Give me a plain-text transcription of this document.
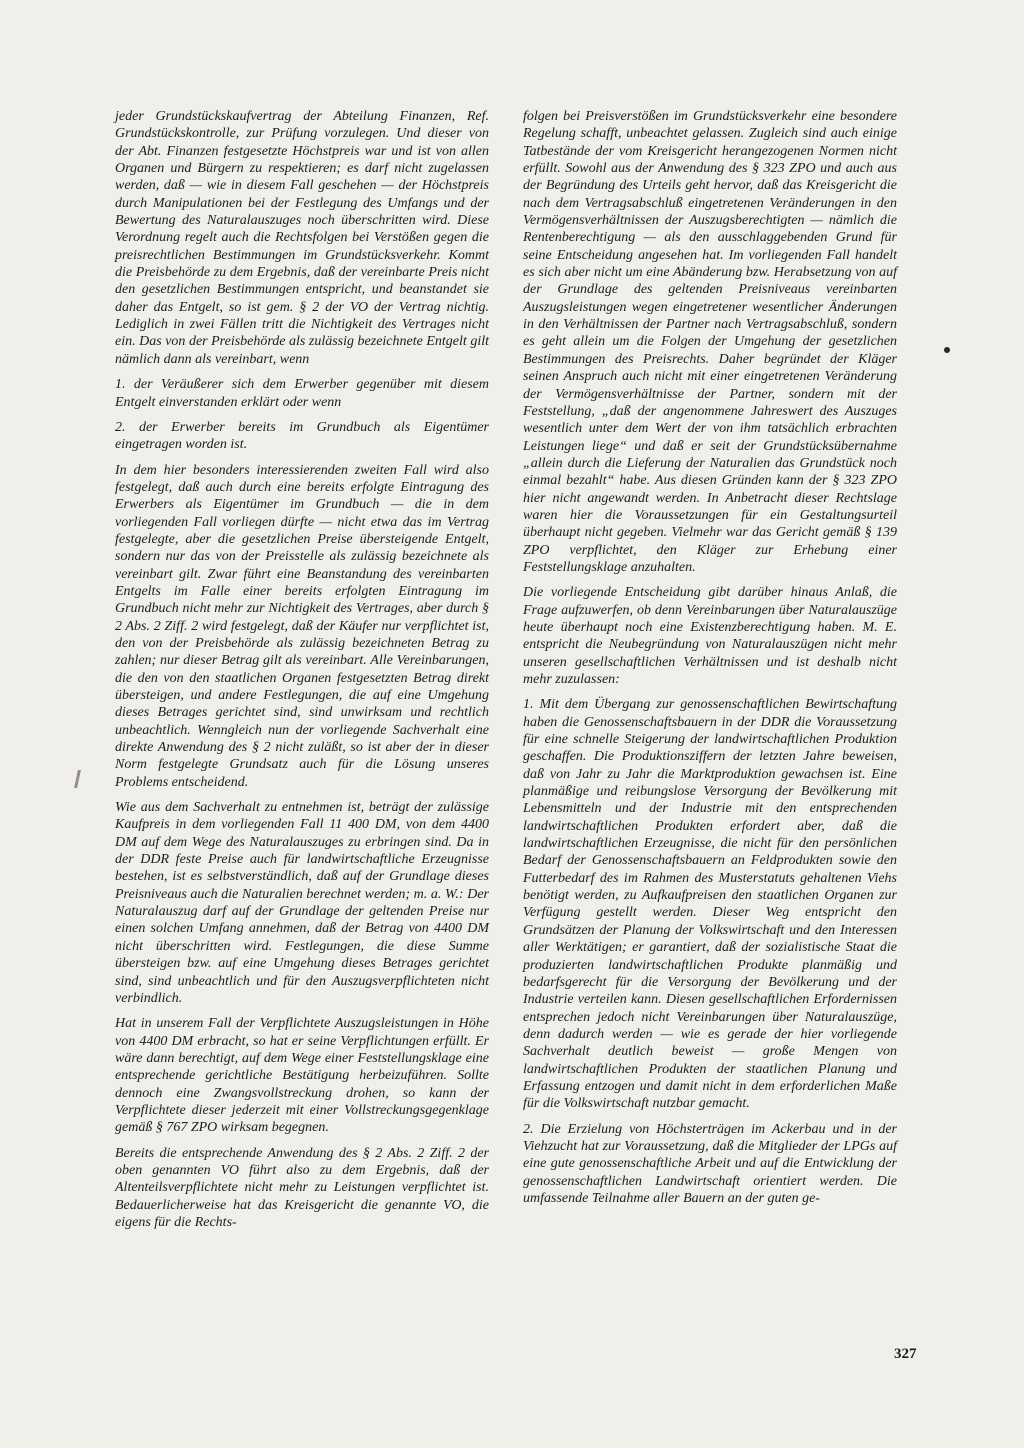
jeder Grundstückskaufvertrag der Abteilung Finanzen, Ref. Grundstückskontrolle, zur Prüfung vorzulegen. Und dieser von der Abt. Finanzen festgesetzte Höchstpreis war und ist von allen Organen und Bürgern zu respektieren; es darf nicht zugelassen werden, daß — wie in diesem Fall geschehen — der Höchstpreis durch Manipulationen bei der Festlegung des Umfangs und der Bewertung des Naturalauszuges noch überschritten wird. Diese Verordnung regelt auch die Rechtsfolgen bei Verstößen gegen die preisrechtlichen Bestimmungen im Grundstücksverkehr. Kommt die Preisbehörde zu dem Ergebnis, daß der vereinbarte Preis nicht den gesetzlichen Bestimmungen entspricht, und beanstandet sie daher das Entgelt, so ist gem. § 2 der VO der Vertrag nichtig. Lediglich in zwei Fällen tritt die Nichtigkeit des Vertrages nicht ein. Das von der Preisbehörde als zulässig bezeichnete Entgelt gilt nämlich dann als vereinbart, wenn

1. der Veräußerer sich dem Erwerber gegenüber mit diesem Entgelt einverstanden erklärt oder wenn

2. der Erwerber bereits im Grundbuch als Eigentümer eingetragen worden ist.

In dem hier besonders interessierenden zweiten Fall wird also festgelegt, daß auch durch eine bereits erfolgte Eintragung des Erwerbers als Eigentümer im Grundbuch — die in dem vorliegenden Fall vorliegen dürfte — nicht etwa das im Vertrag festgelegte, aber die gesetzlichen Preise übersteigende Entgelt, sondern nur das von der Preisstelle als zulässig bezeichnete als vereinbart gilt. Zwar führt eine Beanstandung des vereinbarten Entgelts im Falle einer bereits erfolgten Eintragung im Grundbuch nicht mehr zur Nichtigkeit des Vertrages, aber durch § 2 Abs. 2 Ziff. 2 wird festgelegt, daß der Käufer nur verpflichtet ist, den von der Preisbehörde als zulässig bezeichneten Betrag zu zahlen; nur dieser Betrag gilt als vereinbart. Alle Vereinbarungen, die den von den staatlichen Organen festgesetzten Betrag direkt übersteigen, und andere Festlegungen, die auf eine Umgehung dieses Betrages gerichtet sind, sind unwirksam und rechtlich unbeachtlich. Wenngleich nun der vorliegende Sachverhalt eine direkte Anwendung des § 2 nicht zuläßt, so ist aber der in dieser Norm festgelegte Grundsatz auch für die Lösung unseres Problems entscheidend.

Wie aus dem Sachverhalt zu entnehmen ist, beträgt der zulässige Kaufpreis in dem vorliegenden Fall 11 400 DM, von dem 4400 DM auf dem Wege des Naturalauszuges zu erbringen sind. Da in der DDR feste Preise auch für landwirtschaftliche Erzeugnisse bestehen, ist es selbstverständlich, daß auf der Grundlage dieses Preisniveaus auch die Naturalien berechnet werden; m. a. W.: Der Naturalauszug darf auf der Grundlage der geltenden Preise nur einen solchen Umfang annehmen, daß der Betrag von 4400 DM nicht überschritten wird. Festlegungen, die diese Summe übersteigen bzw. auf eine Umgehung dieses Betrages gerichtet sind, sind unbeachtlich und für den Auszugsverpflichteten nicht verbindlich.

Hat in unserem Fall der Verpflichtete Auszugsleistungen in Höhe von 4400 DM erbracht, so hat er seine Verpflichtungen erfüllt. Er wäre dann berechtigt, auf dem Wege einer Feststellungsklage eine entsprechende gerichtliche Bestätigung herbeizuführen. Sollte dennoch eine Zwangsvollstreckung drohen, so kann der Verpflichtete dieser jederzeit mit einer Vollstreckungsgegenklage gemäß § 767 ZPO wirksam begegnen.

Bereits die entsprechende Anwendung des § 2 Abs. 2 Ziff. 2 der oben genannten VO führt also zu dem Ergebnis, daß der Altenteilsverpflichtete nicht mehr zu Leistungen verpflichtet ist. Bedauerlicherweise hat das Kreisgericht die genannte VO, die eigens für die Rechts-

folgen bei Preisverstößen im Grundstücksverkehr eine besondere Regelung schafft, unbeachtet gelassen. Zugleich sind auch einige Tatbestände der vom Kreisgericht herangezogenen Normen nicht erfüllt. Sowohl aus der Anwendung des § 323 ZPO und auch aus der Begründung des Urteils geht hervor, daß das Kreisgericht die nach dem Vertragsabschluß eingetretenen Veränderungen in den Vermögensverhältnissen der Auszugsberechtigten — nämlich die Rentenberechtigung — als den ausschlaggebenden Grund für seine Entscheidung angesehen hat. Im vorliegenden Fall handelt es sich aber nicht um eine Abänderung bzw. Herabsetzung von auf der Grundlage des geltenden Preisniveaus vereinbarten Auszugsleistungen wegen eingetretener wesentlicher Änderungen in den Verhältnissen der Partner nach Vertragsabschluß, sondern es geht allein um die Folgen der Umgehung der gesetzlichen Bestimmungen des Preisrechts. Daher begründet der Kläger seinen Anspruch auch nicht mit einer eingetretenen Veränderung der Vermögensverhältnisse der Partner, sondern mit der Feststellung, „daß der angenommene Jahreswert des Auszuges wesentlich unter dem Wert der von ihm tatsächlich erbrachten Leistungen liege“ und daß er seit der Grundstücksübernahme „allein durch die Lieferung der Naturalien das Grundstück noch einmal bezahlt“ habe. Aus diesen Gründen kann der § 323 ZPO hier nicht angewandt werden. In Anbetracht dieser Rechtslage waren hier die Voraussetzungen für ein Gestaltungsurteil überhaupt nicht gegeben. Vielmehr war das Gericht gemäß § 139 ZPO verpflichtet, den Kläger zur Erhebung einer Feststellungsklage anzuhalten.

Die vorliegende Entscheidung gibt darüber hinaus Anlaß, die Frage aufzuwerfen, ob denn Vereinbarungen über Naturalauszüge heute überhaupt noch eine Existenzberechtigung haben. M. E. entspricht die Neubegründung von Naturalauszügen nicht mehr unseren gesellschaftlichen Verhältnissen und ist deshalb nicht mehr zuzulassen:

1. Mit dem Übergang zur genossenschaftlichen Bewirtschaftung haben die Genossenschaftsbauern in der DDR die Voraussetzung für eine schnelle Steigerung der landwirtschaftlichen Produktion geschaffen. Die Produktionsziffern der letzten Jahre beweisen, daß von Jahr zu Jahr die Marktproduktion gewachsen ist. Eine planmäßige und reibungslose Versorgung der Bevölkerung mit Lebensmitteln und der Industrie mit den entsprechenden landwirtschaftlichen Produkten erfordert aber, daß die landwirtschaftlichen Erzeugnisse, die nicht für den persönlichen Bedarf der Genossenschaftsbauern an Feldprodukten sowie den Futterbedarf des im Rahmen des Musterstatuts gehaltenen Viehs benötigt werden, zu Aufkaufpreisen den staatlichen Organen zur Verfügung gestellt werden. Dieser Weg entspricht den Grundsätzen der Planung der Volkswirtschaft und den Interessen aller Werktätigen; er garantiert, daß der sozialistische Staat die produzierten landwirtschaftlichen Produkte planmäßig und bedarfsgerecht für die Versorgung der Bevölkerung und der Industrie verteilen kann. Diesen gesellschaftlichen Erfordernissen entsprechen jedoch nicht Vereinbarungen über Naturalauszüge, denn dadurch werden — wie es gerade der hier vorliegende Sachverhalt deutlich beweist — große Mengen von landwirtschaftlichen Produkten der staatlichen Planung und Erfassung entzogen und damit nicht in dem erforderlichen Maße für die Volkswirtschaft nutzbar gemacht.

2. Die Erzielung von Höchsterträgen im Ackerbau und in der Viehzucht hat zur Voraussetzung, daß die Mitglieder der LPGs auf eine gute genossenschaftliche Arbeit und auf die Entwicklung der genossenschaftlichen Landwirtschaft orientiert werden. Die umfassende Teilnahme aller Bauern an der guten ge-

327
